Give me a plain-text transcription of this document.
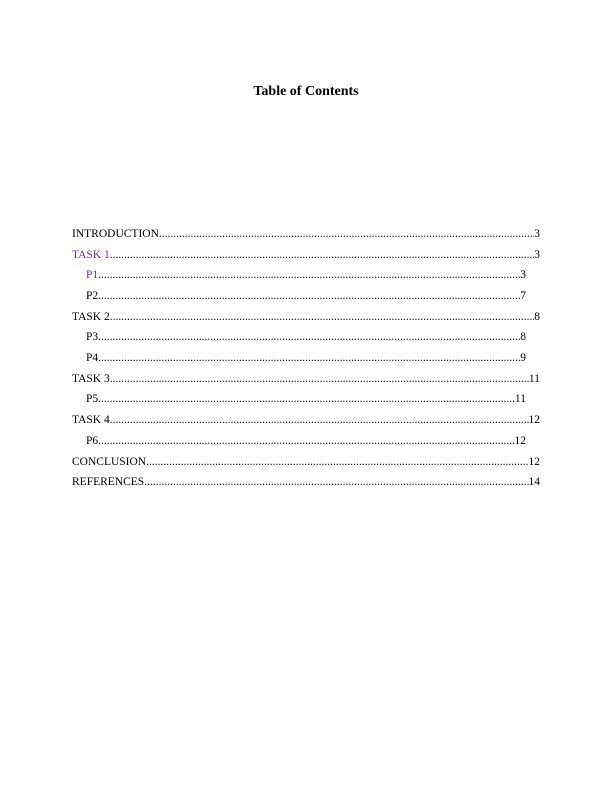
Table of Contents
INTRODUCTION .....	3
TASK 1 .....	3
P1 .....	3
P2 .....	7
TASK 2 .....	8
P3 .....	8
P4 .....	9
TASK 3 .....	11
P5 .....	11
TASK 4 .....	12
P6 .....	12
CONCLUSION .....	12
REFERENCES .....	14
